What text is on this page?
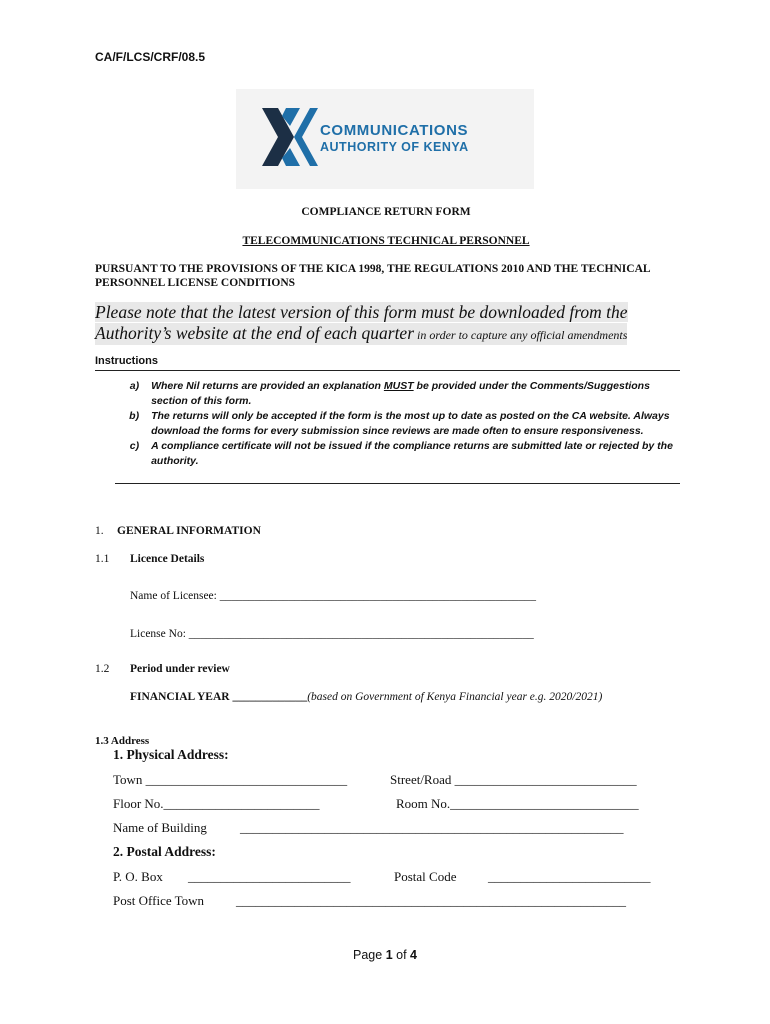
CA/F/LCS/CRF/08.5
COMMUNICATIONS
AUTHORITY OF KENYA
COMPLIANCE RETURN FORM
TELECOMMUNICATIONS TECHNICAL PERSONNEL
PURSUANT TO THE PROVISIONS OF THE KICA 1998, THE REGULATIONS 2010 AND THE TECHNICAL PERSONNEL LICENSE CONDITIONS
Please note that the latest version of this form must be downloaded from the
Authority’s website at the end of each quarter in order to capture any official amendments
Instructions
a)	Where Nil returns are provided an explanation MUST be provided under the Comments/Suggestions section of this form.
b)	The returns will only be accepted if the form is the most up to date as posted on the CA website. Always download the forms for every submission since reviews are made often to ensure responsiveness.
c)	A compliance certificate will not be issued if the compliance returns are submitted late or rejected by the authority.
1. GENERAL INFORMATION
1.1 Licence Details
Name of Licensee: _______________________________________________________
License No: ____________________________________________________________
1.2 Period under review
FINANCIAL YEAR _____________(based on Government of Kenya Financial year e.g. 2020/2021)
1.3 Address
1. Physical Address:
Town _______________________________	Street/Road ____________________________
Floor No.________________________	Room No._____________________________
Name of Building	___________________________________________________________
2. Postal Address:
P. O. Box _________________________	Postal Code _________________________
Post Office Town ____________________________________________________________
Page 1 of 4
